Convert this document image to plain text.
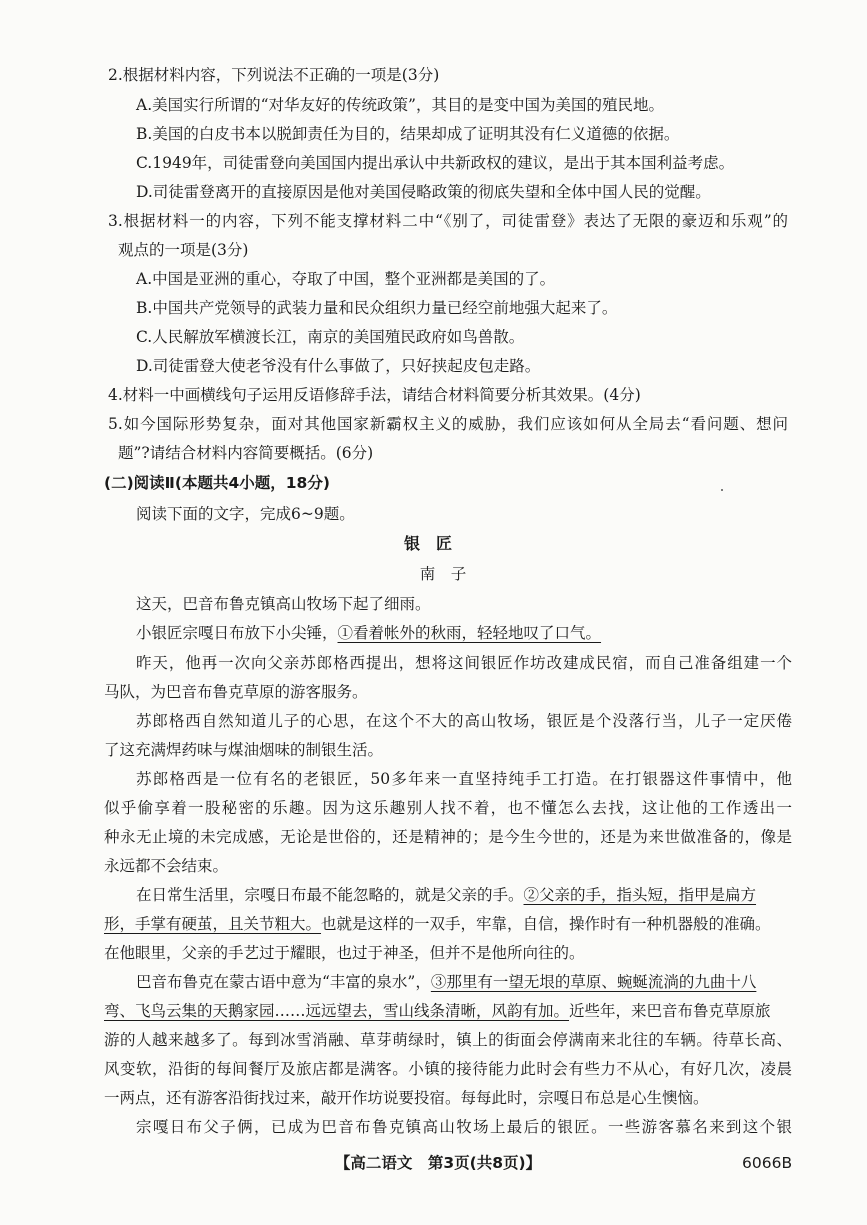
2.根据材料内容，下列说法不正确的一项是(3分)
A.美国实行所谓的“对华友好的传统政策”，其目的是变中国为美国的殖民地。
B.美国的白皮书本以脱卸责任为目的，结果却成了证明其没有仁义道德的依据。
C.1949年，司徒雷登向美国国内提出承认中共新政权的建议，是出于其本国利益考虑。
D.司徒雷登离开的直接原因是他对美国侵略政策的彻底失望和全体中国人民的觉醒。
3.根据材料一的内容，下列不能支撑材料二中“《别了，司徒雷登》表达了无限的豪迈和乐观”的
观点的一项是(3分)
A.中国是亚洲的重心，夺取了中国，整个亚洲都是美国的了。
B.中国共产党领导的武装力量和民众组织力量已经空前地强大起来了。
C.人民解放军横渡长江，南京的美国殖民政府如鸟兽散。
D.司徒雷登大使老爷没有什么事做了，只好挟起皮包走路。
4.材料一中画横线句子运用反语修辞手法，请结合材料简要分析其效果。(4分)
5.如今国际形势复杂，面对其他国家新霸权主义的威胁，我们应该如何从全局去“看问题、想问
题”?请结合材料内容简要概括。(6分)
(二)阅读Ⅱ(本题共4小题，18分)
阅读下面的文字，完成6~9题。
银　匠
南　子
这天，巴音布鲁克镇高山牧场下起了细雨。
小银匠宗嘎日布放下小尖锤，①看着帐外的秋雨，轻轻地叹了口气。
昨天，他再一次向父亲苏郎格西提出，想将这间银匠作坊改建成民宿，而自己准备组建一个
马队，为巴音布鲁克草原的游客服务。
苏郎格西自然知道儿子的心思，在这个不大的高山牧场，银匠是个没落行当，儿子一定厌倦
了这充满焊药味与煤油烟味的制银生活。
苏郎格西是一位有名的老银匠，50多年来一直坚持纯手工打造。在打银器这件事情中，他
似乎偷享着一股秘密的乐趣。因为这乐趣别人找不着，也不懂怎么去找，这让他的工作透出一
种永无止境的未完成感，无论是世俗的，还是精神的；是今生今世的，还是为来世做准备的，像是
永远都不会结束。
在日常生活里，宗嘎日布最不能忽略的，就是父亲的手。②父亲的手，指头短，指甲是扁方
形，手掌有硬茧，且关节粗大。也就是这样的一双手，牢靠，自信，操作时有一种机器般的准确。
在他眼里，父亲的手艺过于耀眼，也过于神圣，但并不是他所向往的。
巴音布鲁克在蒙古语中意为“丰富的泉水”，③那里有一望无垠的草原、蜿蜒流淌的九曲十八
弯、飞鸟云集的天鹅家园……远远望去，雪山线条清晰，风韵有加。近些年，来巴音布鲁克草原旅
游的人越来越多了。每到冰雪消融、草芽萌绿时，镇上的街面会停满南来北往的车辆。待草长高、
风变软，沿街的每间餐厅及旅店都是满客。小镇的接待能力此时会有些力不从心，有好几次，凌晨
一两点，还有游客沿街找过来，敲开作坊说要投宿。每每此时，宗嘎日布总是心生懊恼。
宗嘎日布父子俩，已成为巴音布鲁克镇高山牧场上最后的银匠。一些游客慕名来到这个银
【高二语文　第3页(共8页)】	6066B
